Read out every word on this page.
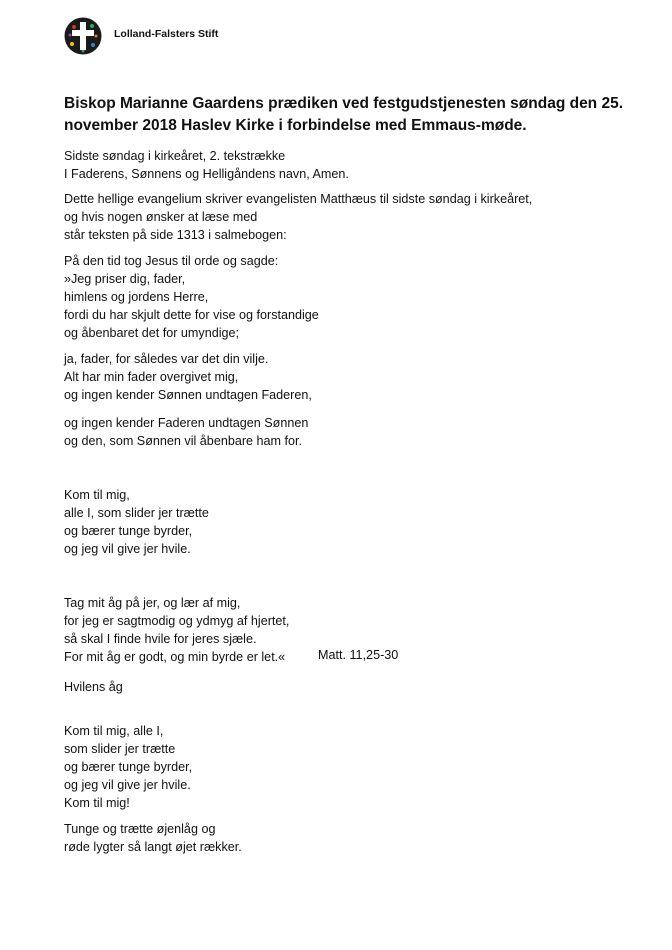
Lolland-Falsters Stift
Biskop Marianne Gaardens prædiken ved festgudstjenesten søndag den 25. november 2018 Haslev Kirke i forbindelse med Emmaus-møde.
Sidste søndag i kirkeåret, 2. tekstrække
I Faderens, Sønnens og Helligåndens navn, Amen.
Dette hellige evangelium skriver evangelisten Matthæus til sidste søndag i kirkeåret,
og hvis nogen ønsker at læse med
står teksten på side 1313 i salmebogen:
På den tid tog Jesus til orde og sagde:
»Jeg priser dig, fader,
himlens og jordens Herre,
fordi du har skjult dette for vise og forstandige
og åbenbaret det for umyndige;
ja, fader, for således var det din vilje.
Alt har min fader overgivet mig,
og ingen kender Sønnen undtagen Faderen,
og ingen kender Faderen undtagen Sønnen
og den, som Sønnen vil åbenbare ham for.
Kom til mig,
alle I, som slider jer trætte
og bærer tunge byrder,
og jeg vil give jer hvile.
Tag mit åg på jer, og lær af mig,
for jeg er sagtmodig og ydmyg af hjertet,
så skal I finde hvile for jeres sjæle.
For mit åg er godt, og min byrde er let.«
Hvilens åg
Kom til mig, alle I,
som slider jer trætte
og bærer tunge byrder,
og jeg vil give jer hvile.
Kom til mig!
Tunge og trætte øjenlåg og
røde lygter så langt øjet rækker.
Matt. 11,25-30
